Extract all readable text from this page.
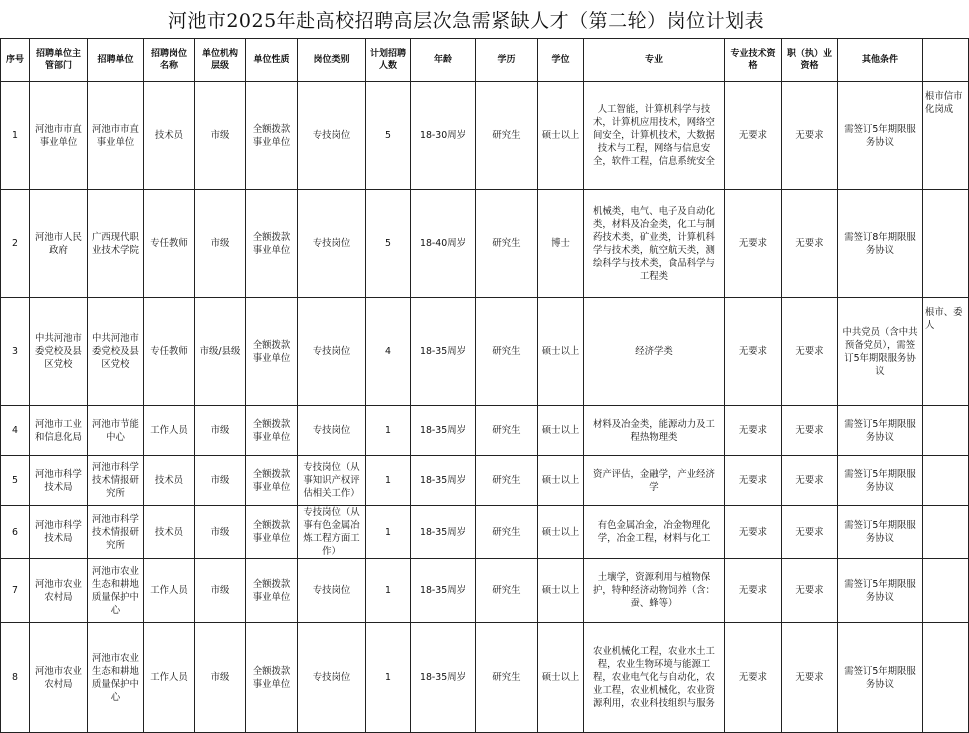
河池市2025年赴高校招聘高层次急需紧缺人才（第二轮）岗位计划表
序号	招聘单位主管部门	招聘单位	招聘岗位名称	单位机构层级	单位性质	岗位类别	计划招聘人数	年龄	学历	学位	专业	专业技术资格	职（执）业资格	其他条件	
1	河池市市直事业单位	河池市市直事业单位	技术员	市级	全额拨款事业单位	专技岗位	5	18-30周岁	研究生	硕士以上	人工智能，计算机科学与技术，计算机应用技术，网络空间安全，计算机技术，大数据技术与工程，网络与信息安全，软件工程，信息系统安全	无要求	无要求	需签订5年期限服务协议	根市信市化岗成
2	河池市人民政府	广西现代职业技术学院	专任教师	市级	全额拨款事业单位	专技岗位	5	18-40周岁	研究生	博士	机械类，电气、电子及自动化类，材料及冶金类，化工与制药技术类，矿业类，计算机科学与技术类，航空航天类，测绘科学与技术类，食品科学与工程类	无要求	无要求	需签订8年期限服务协议	
3	中共河池市委党校及县区党校	中共河池市委党校及县区党校	专任教师	市级/县级	全额拨款事业单位	专技岗位	4	18-35周岁	研究生	硕士以上	经济学类	无要求	无要求	中共党员（含中共预备党员），需签订5年期限服务协议	根市、委人
4	河池市工业和信息化局	河池市节能中心	工作人员	市级	全额拨款事业单位	专技岗位	1	18-35周岁	研究生	硕士以上	材料及冶金类，能源动力及工程热物理类	无要求	无要求	需签订5年期限服务协议	
5	河池市科学技术局	河池市科学技术情报研究所	技术员	市级	全额拨款事业单位	专技岗位（从事知识产权评估相关工作）	1	18-35周岁	研究生	硕士以上	资产评估，金融学，产业经济学	无要求	无要求	需签订5年期限服务协议	
6	河池市科学技术局	河池市科学技术情报研究所	技术员	市级	全额拨款事业单位	专技岗位（从事有色金属冶炼工程方面工作）	1	18-35周岁	研究生	硕士以上	有色金属冶金，冶金物理化学，冶金工程，材料与化工	无要求	无要求	需签订5年期限服务协议	
7	河池市农业农村局	河池市农业生态和耕地质量保护中心	工作人员	市级	全额拨款事业单位	专技岗位	1	18-35周岁	研究生	硕士以上	土壤学，资源利用与植物保护，特种经济动物饲养（含：蚕、蜂等）	无要求	无要求	需签订5年期限服务协议	
8	河池市农业农村局	河池市农业生态和耕地质量保护中心	工作人员	市级	全额拨款事业单位	专技岗位	1	18-35周岁	研究生	硕士以上	农业机械化工程，农业水土工程，农业生物环境与能源工程，农业电气化与自动化，农业工程，农业机械化，农业资源利用，农业科技组织与服务	无要求	无要求	需签订5年期限服务协议	
